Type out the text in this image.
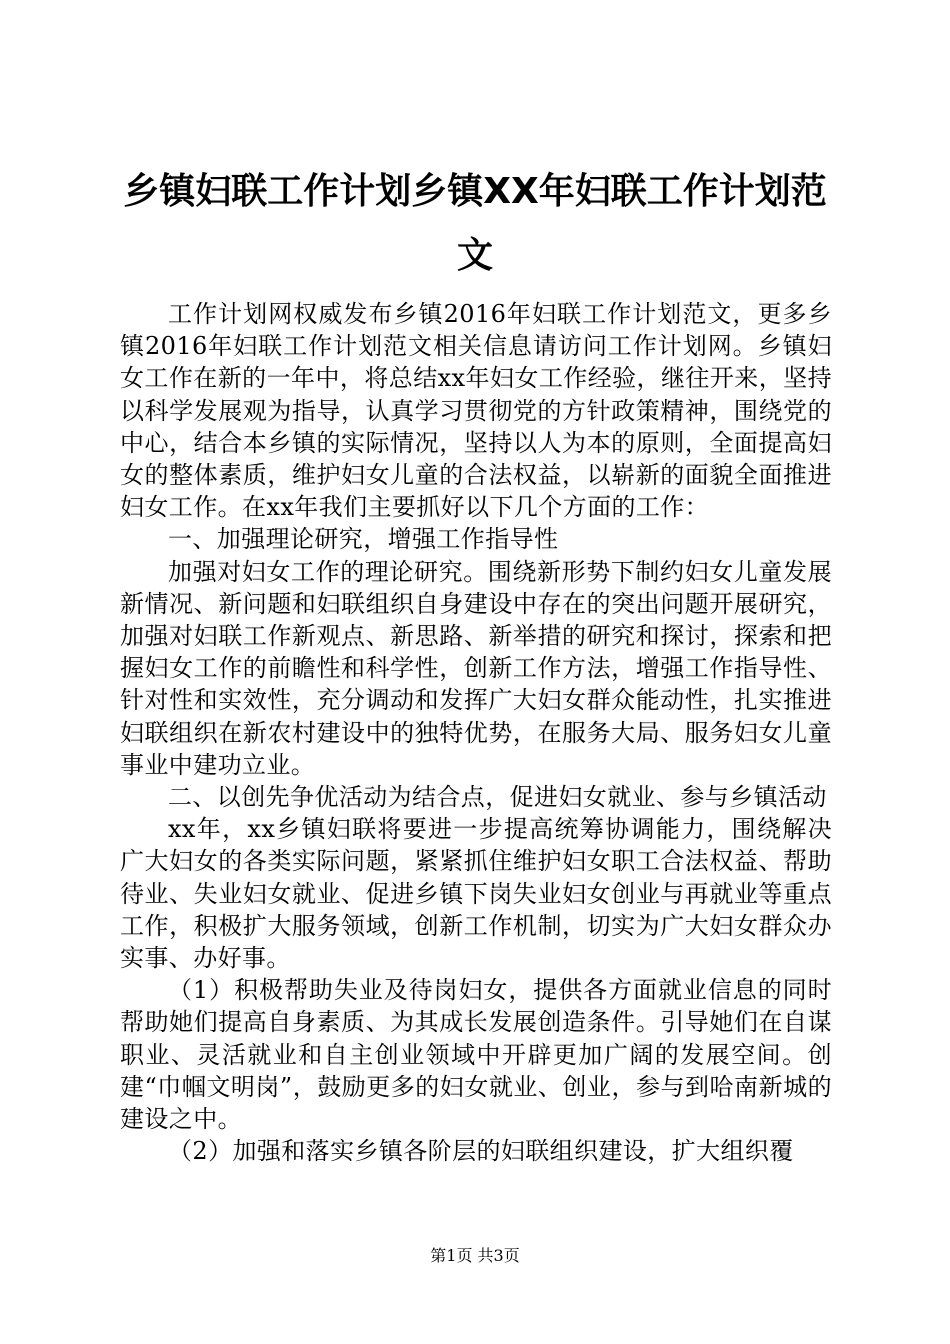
乡镇妇联工作计划乡镇XX年妇联工作计划范文

工作计划网权威发布乡镇2016年妇联工作计划范文，更多乡镇2016年妇联工作计划范文相关信息请访问工作计划网。乡镇妇女工作在新的一年中，将总结xx年妇女工作经验，继往开来，坚持以科学发展观为指导，认真学习贯彻党的方针政策精神，围绕党的中心，结合本乡镇的实际情况，坚持以人为本的原则，全面提高妇女的整体素质，维护妇女儿童的合法权益，以崭新的面貌全面推进妇女工作。在xx年我们主要抓好以下几个方面的工作：

一、加强理论研究，增强工作指导性

加强对妇女工作的理论研究。围绕新形势下制约妇女儿童发展新情况、新问题和妇联组织自身建设中存在的突出问题开展研究，加强对妇联工作新观点、新思路、新举措的研究和探讨，探索和把握妇女工作的前瞻性和科学性，创新工作方法，增强工作指导性、针对性和实效性，充分调动和发挥广大妇女群众能动性，扎实推进妇联组织在新农村建设中的独特优势，在服务大局、服务妇女儿童事业中建功立业。

二、以创先争优活动为结合点，促进妇女就业、参与乡镇活动

xx年，xx乡镇妇联将要进一步提高统筹协调能力，围绕解决广大妇女的各类实际问题，紧紧抓住维护妇女职工合法权益、帮助待业、失业妇女就业、促进乡镇下岗失业妇女创业与再就业等重点工作，积极扩大服务领域，创新工作机制，切实为广大妇女群众办实事、办好事。

（1）积极帮助失业及待岗妇女，提供各方面就业信息的同时帮助她们提高自身素质、为其成长发展创造条件。引导她们在自谋职业、灵活就业和自主创业领域中开辟更加广阔的发展空间。创建“巾帼文明岗”，鼓励更多的妇女就业、创业，参与到哈南新城的建设之中。

（2）加强和落实乡镇各阶层的妇联组织建设，扩大组织覆

第1页 共3页
